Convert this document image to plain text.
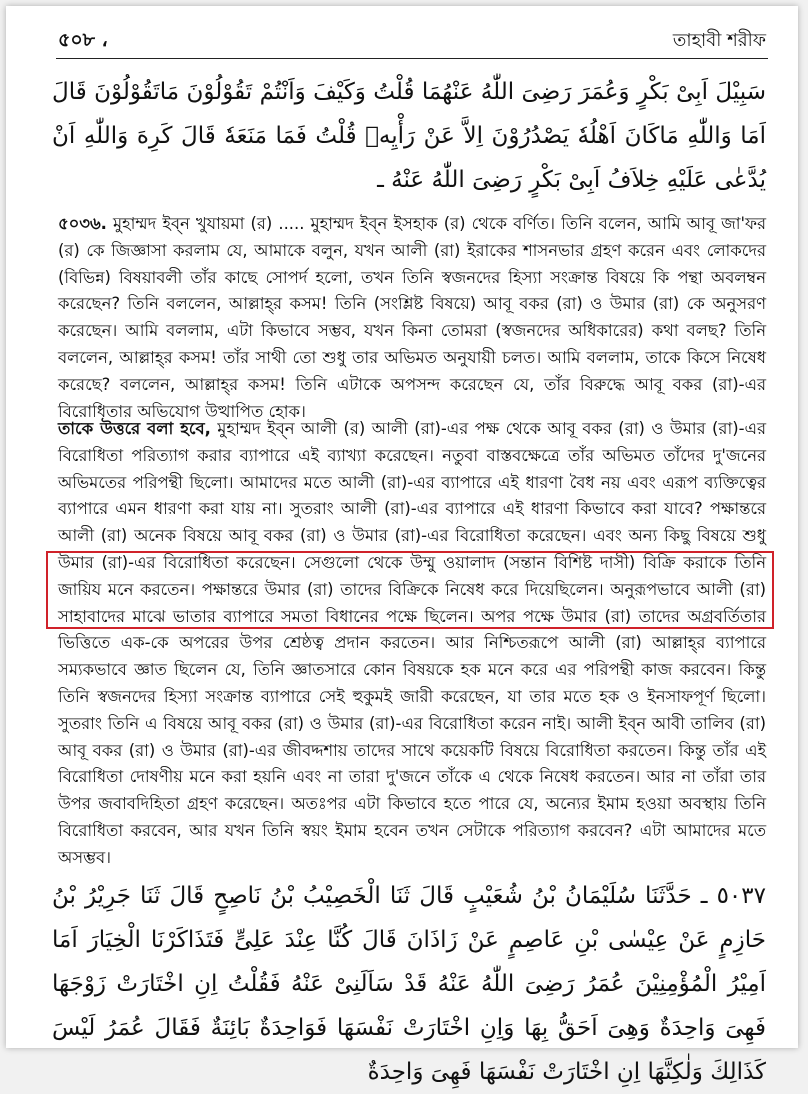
৫০৮ ،	তাহাবী শরীফ
سَبِيْلَ اَبِىْ بَكْرٍ وَعُمَرَ رَضِىَ اللّٰهُ عَنْهُمَا قُلْتُ وَكَيْفَ وَاَنْتُمْ تَقُوْلُوْنَ مَاتَقُوْلُوْنَ قَالَ اَمَا وَاللّٰهِ مَاكَانَ اَهْلُهٗ يَصْدُرُوْنَ اِلاَّ عَنْ رَأْيِهٖ قُلْتُ فَمَا مَنَعَهٗ قَالَ كَرِهَ وَاللّٰهِ اَنْ يُدَّعٰى عَلَيْهِ خِلاَفُ اَبِىْ بَكْرٍ رَضِىَ اللّٰهُ عَنْهُ ـ
৫০৩৬. মুহাম্মদ ইব্‌ন খুযায়মা (র) ..... মুহাম্মদ ইব্‌ন ইসহাক (র) থেকে বর্ণিত। তিনি বলেন, আমি আবূ জা'ফর (র) কে জিজ্ঞাসা করলাম যে, আমাকে বলুন, যখন আলী (রা) ইরাকের শাসনভার গ্রহণ করেন এবং লোকদের (বিভিন্ন) বিষয়াবলী তাঁর কাছে সোপর্দ হলো, তখন তিনি স্বজনদের হিস্যা সংক্রান্ত বিষয়ে কি পন্থা অবলম্বন করেছেন? তিনি বললেন, আল্লাহ্‌র কসম! তিনি (সংশ্লিষ্ট বিষয়ে) আবূ বকর (রা) ও উমার (রা) কে অনুসরণ করেছেন। আমি বললাম, এটা কিভাবে সম্ভব, যখন কিনা তোমরা (স্বজনদের অধিকারের) কথা বলছ? তিনি বললেন, আল্লাহ্‌র কসম! তাঁর সাথী তো শুধু তার অভিমত অনুযায়ী চলত। আমি বললাম, তাকে কিসে নিষেধ করেছে? বললেন, আল্লাহ্‌র কসম! তিনি এটাকে অপসন্দ করেছেন যে, তাঁর বিরুদ্ধে আবূ বকর (রা)-এর বিরোধিতার অভিযোগ উত্থাপিত হোক।
তাকে উত্তরে বলা হবে, মুহাম্মদ ইব্‌ন আলী (র) আলী (রা)-এর পক্ষ থেকে আবূ বকর (রা) ও উমার (রা)-এর বিরোধিতা পরিত্যাগ করার ব্যাপারে এই ব্যাখ্যা করেছেন। নতুবা বাস্তবক্ষেত্রে তাঁর অভিমত তাঁদের দু'জনের অভিমতের পরিপন্থী ছিলো। আমাদের মতে আলী (রা)-এর ব্যাপারে এই ধারণা বৈধ নয় এবং এরূপ ব্যক্তিত্বের ব্যাপারে এমন ধারণা করা যায় না। সুতরাং আলী (রা)-এর ব্যাপারে এই ধারণা কিভাবে করা যাবে? পক্ষান্তরে আলী (রা) অনেক বিষয়ে আবূ বকর (রা) ও উমার (রা)-এর বিরোধিতা করেছেন। এবং অন্য কিছু বিষয়ে শুধু উমার (রা)-এর বিরোধিতা করেছেন। সেগুলো থেকে উম্মু ওয়ালাদ (সন্তান বিশিষ্ট দাসী) বিক্রি করাকে তিনি জায়িয মনে করতেন। পক্ষান্তরে উমার (রা) তাদের বিক্রিকে নিষেধ করে দিয়েছিলেন। অনুরূপভাবে আলী (রা) সাহাবাদের মাঝে ভাতার ব্যাপারে সমতা বিধানের পক্ষে ছিলেন। অপর পক্ষে উমার (রা) তাদের অগ্রবর্তিতার ভিত্তিতে এক-কে অপরের উপর শ্রেষ্ঠত্ব প্রদান করতেন। আর নিশ্চিতরূপে আলী (রা) আল্লাহ্‌র ব্যাপারে সম্যকভাবে জ্ঞাত ছিলেন যে, তিনি জ্ঞাতসারে কোন বিষয়কে হক মনে করে এর পরিপন্থী কাজ করবেন। কিন্তু তিনি স্বজনদের হিস্যা সংক্রান্ত ব্যাপারে সেই হুকুমই জারী করেছেন, যা তার মতে হক ও ইনসাফপূর্ণ ছিলো। সুতরাং তিনি এ বিষয়ে আবূ বকর (রা) ও উমার (রা)-এর বিরোধিতা করেন নাই। আলী ইব্‌ন আবী তালিব (রা) আবূ বকর (রা) ও উমার (রা)-এর জীবদ্দশায় তাদের সাথে কয়েকটি বিষয়ে বিরোধিতা করতেন। কিন্তু তাঁর এই বিরোধিতা দোষণীয় মনে করা হয়নি এবং না তারা দু'জনে তাঁকে এ থেকে নিষেধ করতেন। আর না তাঁরা তার উপর জবাবদিহিতা গ্রহণ করেছেন। অতঃপর এটা কিভাবে হতে পারে যে, অন্যের ইমাম হওয়া অবস্থায় তিনি বিরোধিতা করবেন, আর যখন তিনি স্বয়ং ইমাম হবেন তখন সেটাকে পরিত্যাগ করবেন? এটা আমাদের মতে অসম্ভব।
٥٠٣٧ ـ حَدَّثَنَا سُلَيْمَانُ بْنُ شُعَيْبٍ قَالَ ثَنَا الْخَصِيْبُ بْنُ نَاصِحٍ قَالَ ثَنَا جَرِيْرُ بْنُ حَازِمٍ عَنْ عِيْسٰى بْنِ عَاصِمٍ عَنْ زَاذَانَ قَالَ كُنَّا عِنْدَ عَلِىٍّ فَتَذَاكَرْنَا الْخِيَارَ اَمَا اَمِيْرُ الْمُؤْمِنِيْنَ عُمَرُ رَضِىَ اللّٰهُ عَنْهُ قَدْ سَاَلَنِىْ عَنْهُ فَقُلْتُ اِنِ اخْتَارَتْ زَوْجَهَا فَهِىَ وَاحِدَةٌ وَهِىَ اَحَقُّ بِهَا وَاِنِ اخْتَارَتْ نَفْسَهَا فَوَاحِدَةٌ بَائِنَةٌ فَقَالَ عُمَرُ لَيْسَ كَذَالِكَ وَلٰكِنَّهَا اِنِ اخْتَارَتْ نَفْسَهَا فَهِىَ وَاحِدَةٌ
